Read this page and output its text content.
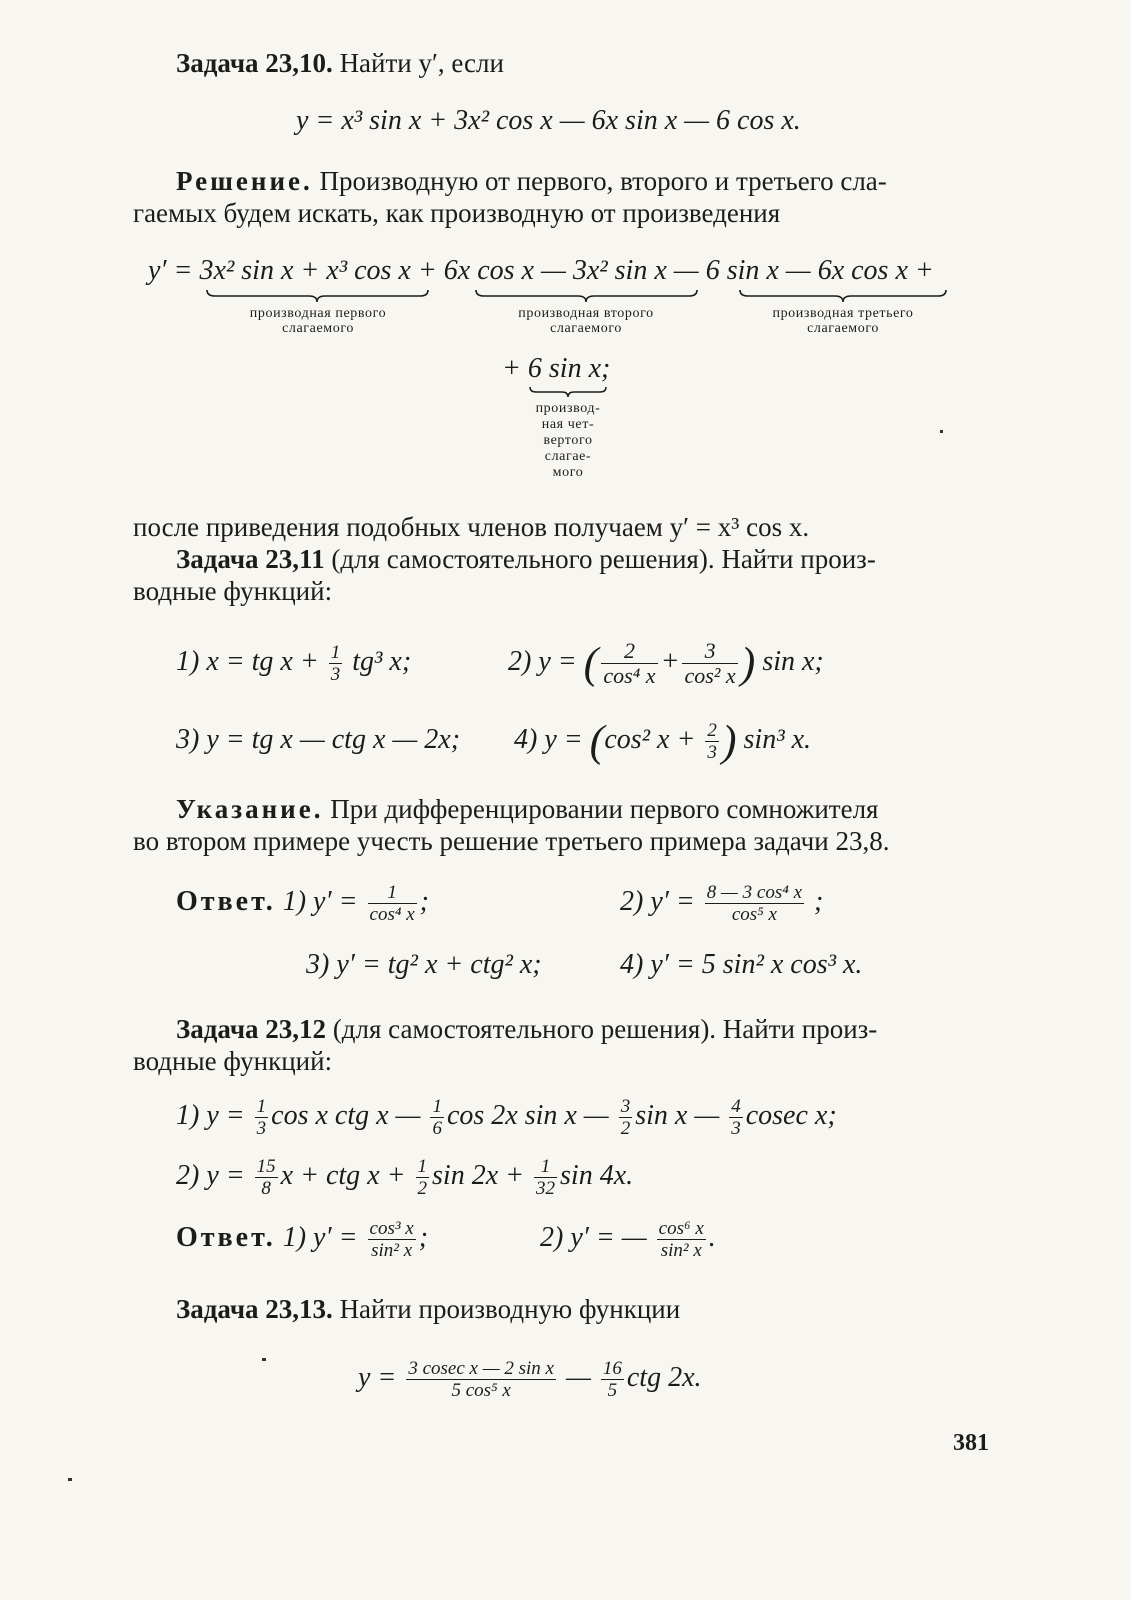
Задача 23,10. Найти y′, если
y = x³ sin x + 3x² cos x — 6x sin x — 6 cos x.
Решение. Производную от первого, второго и третьего сла-
гаемых будем искать, как производную от произведения
y′ = 3x² sin x + x³ cos x + 6x cos x — 3x² sin x — 6 sin x — 6x cos x +
производная первого
слагаемого
производная второго
слагаемого
производная третьего
слагаемого
+ 6 sin x;
производ-
ная чет-
вертого
слагае-
мого
после приведения подобных членов получаем y′ = x³ cos x.
Задача 23,11 (для самостоятельного решения). Найти произ-
водные функций:
1) x = tg $x + \frac{1}{3} tg^3$ x;	2) y = ( $\frac{2}{\text{cos⁴ x}} + \frac{3}{\text{cos² x}}$ ) sin x;
3) y = tg x — ctg x — 2x; 4) y = (cos² $x + \frac{2}{3}$ ) sin³ x.
Указание. При дифференцировании первого сомножителя
во втором примере учесть решение третьего примера задачи 23,8.
Ответ. 1) $y' = \frac{1}{\text{cos⁴ x}}$ ;	2) $y' = \frac{\text{8 — 3 cos⁴ x}}{\text{cos⁵ x}}$ ;
3) y′ = tg² x + ctg² x;	4) y′ = 5 sin² x cos³ x.
Задача 23,12 (для самостоятельного решения). Найти произ-
водные функций:
1) $y = \frac{1}{3}$ cos x ctg x — $\frac{1}{6}$ cos 2x sin x — $\frac{3}{2}$ sin x — $\frac{4}{3}$ cosec x;
2) $y = \frac{15}{8}$ x + ctg $x + \frac{1}{2}$ $\sin 2x + \frac{1}{32}$ sin 4x.
Ответ. 1) $y' = \frac{\text{cos³ x}}{\text{sin² x}}$ ;	2) y′ = — $\frac{\text{cos⁶ x}}{\text{sin² x}}$ .
Задача 23,13. Найти производную функции
$y = \frac{\text{3 cosec x — 2 sin x}}{\text{5 cos⁵ x}}$ — $\frac{16}{5}$ ctg 2x.
381
